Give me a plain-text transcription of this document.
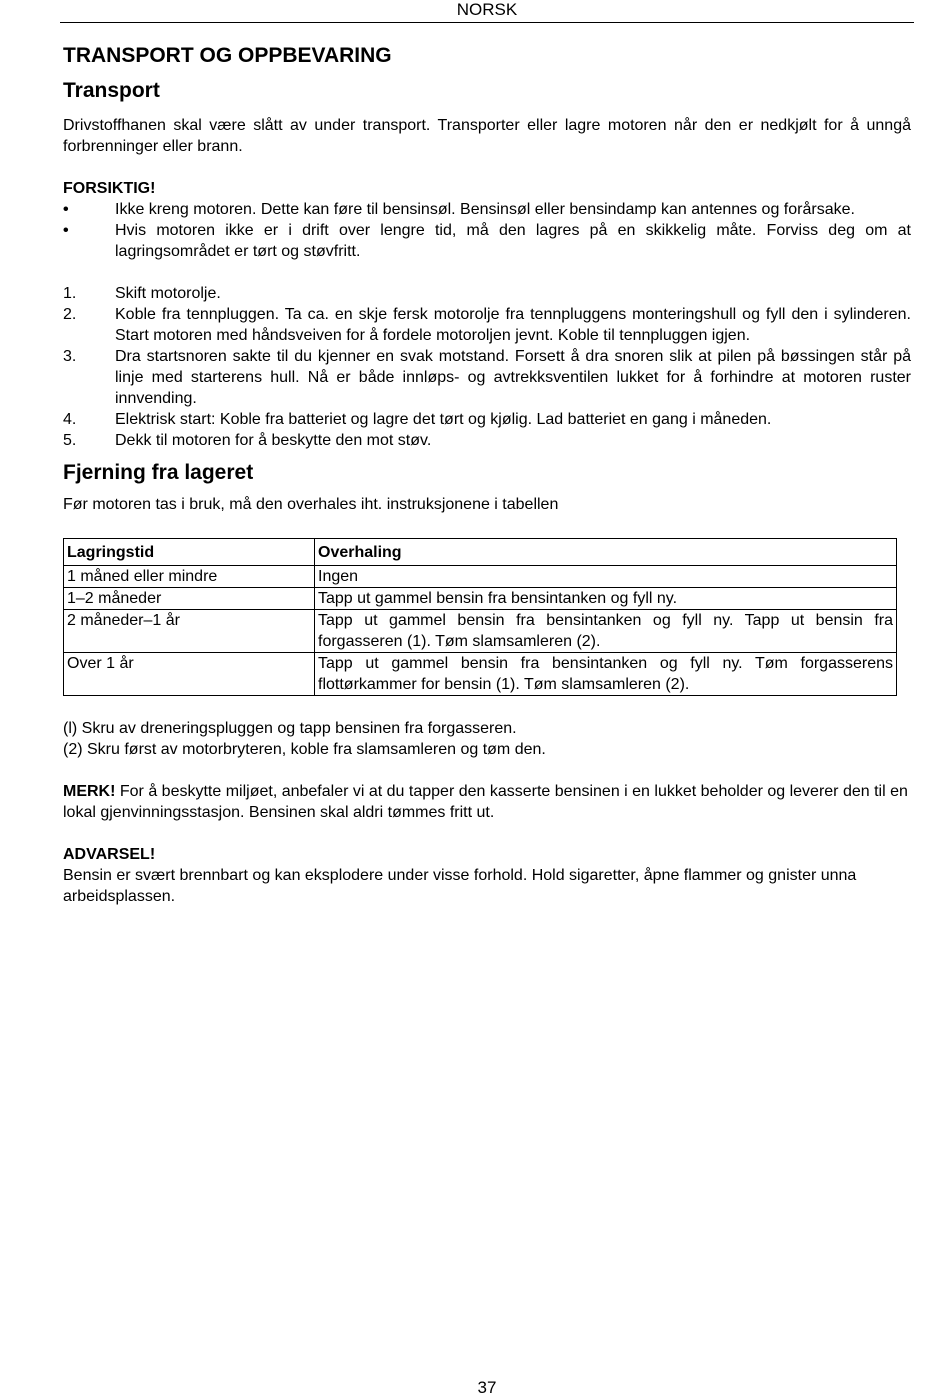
NORSK
TRANSPORT OG OPPBEVARING
Transport

Drivstoffhanen skal være slått av under transport. Transporter eller lagre motoren når den er nedkjølt for å unngå forbrenninger eller brann.

FORSIKTIG!

•	Ikke kreng motoren. Dette kan føre til bensinsøl. Bensinsøl eller bensindamp kan antennes og forårsake.
•	Hvis motoren ikke er i drift over lengre tid, må den lagres på en skikkelig måte. Forviss deg om at lagringsområdet er tørt og støvfritt.
1. Skift motorolje.
2. Koble fra tennpluggen. Ta ca. en skje fersk motorolje fra tennpluggens monteringshull og fyll den i sylinderen. Start motoren med håndsveiven for å fordele motoroljen jevnt. Koble til tennpluggen igjen.
3. Dra startsnoren sakte til du kjenner en svak motstand. Forsett å dra snoren slik at pilen på bøssingen står på linje med starterens hull. Nå er både innløps- og avtrekksventilen lukket for å forhindre at motoren ruster innvending.
4. Elektrisk start: Koble fra batteriet og lagre det tørt og kjølig. Lad batteriet en gang i måneden.
5. Dekk til motoren for å beskytte den mot støv.
Fjerning fra lageret

Før motoren tas i bruk, må den overhales iht. instruksjonene i tabellen

Lagringstid	Overhaling
1 måned eller mindre	Ingen
1–2 måneder	Tapp ut gammel bensin fra bensintanken og fyll ny.
2 måneder–1 år	Tapp ut gammel bensin fra bensintanken og fyll ny. Tapp ut bensin fra forgasseren (1). Tøm slamsamleren (2).
Over 1 år	Tapp ut gammel bensin fra bensintanken og fyll ny. Tøm forgasserens flottørkammer for bensin (1). Tøm slamsamleren (2).

(l) Skru av dreneringspluggen og tapp bensinen fra forgasseren.

(2) Skru først av motorbryteren, koble fra slamsamleren og tøm den.

MERK! For å beskytte miljøet, anbefaler vi at du tapper den kasserte bensinen i en lukket beholder og leverer den til en lokal gjenvinningsstasjon. Bensinen skal aldri tømmes fritt ut.

ADVARSEL!

Bensin er svært brennbart og kan eksplodere under visse forhold. Hold sigaretter, åpne flammer og gnister unna arbeidsplassen.

37
